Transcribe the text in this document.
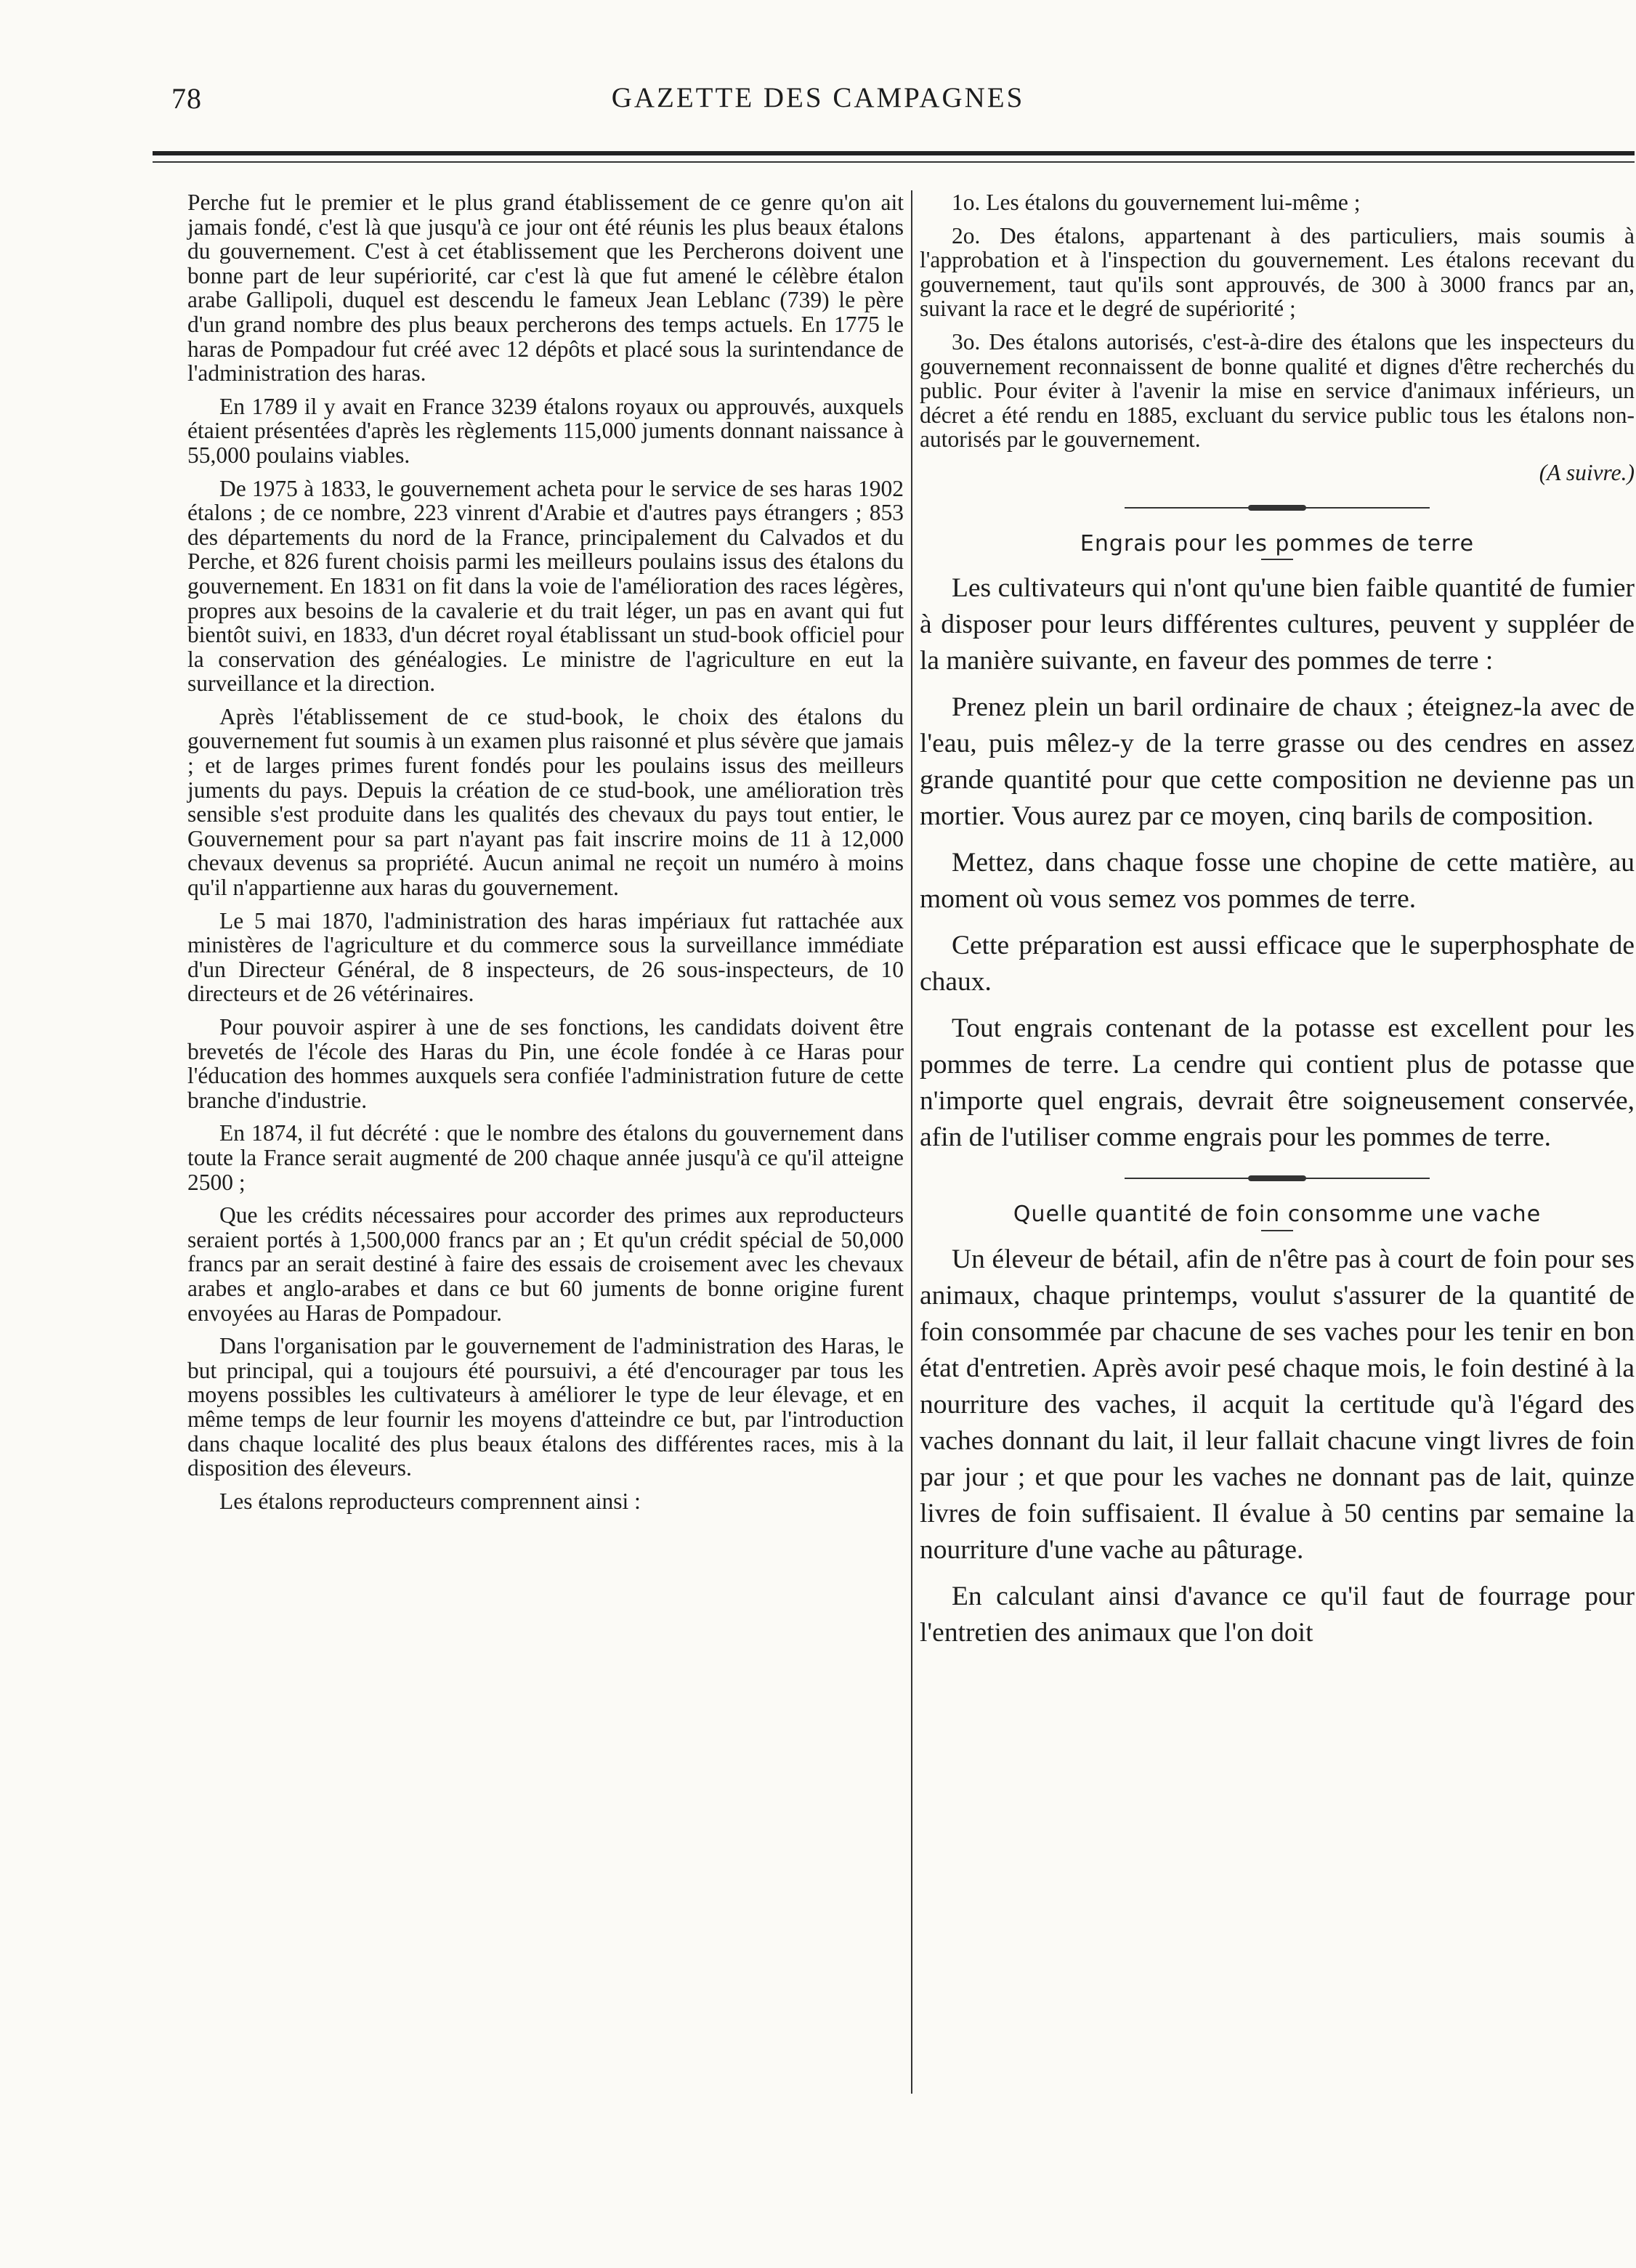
78	GAZETTE DES CAMPAGNES

Perche fut le premier et le plus grand établissement de ce genre qu'on ait jamais fondé, c'est là que jusqu'à ce jour ont été réunis les plus beaux étalons du gouvernement. C'est à cet établissement que les Percherons doivent une bonne part de leur supériorité, car c'est là que fut amené le célèbre étalon arabe Gallipoli, duquel est descendu le fameux Jean Leblanc (739) le père d'un grand nombre des plus beaux percherons des temps actuels. En 1775 le haras de Pompadour fut créé avec 12 dépôts et placé sous la surintendance de l'administration des haras.

En 1789 il y avait en France 3239 étalons royaux ou approuvés, auxquels étaient présentées d'après les règlements 115,000 juments donnant naissance à 55,000 poulains viables.

De 1975 à 1833, le gouvernement acheta pour le service de ses haras 1902 étalons ; de ce nombre, 223 vinrent d'Arabie et d'autres pays étrangers ; 853 des départements du nord de la France, principalement du Calvados et du Perche, et 826 furent choisis parmi les meilleurs poulains issus des étalons du gouvernement. En 1831 on fit dans la voie de l'amélioration des races légères, propres aux besoins de la cavalerie et du trait léger, un pas en avant qui fut bientôt suivi, en 1833, d'un décret royal établissant un stud-book officiel pour la conservation des généalogies. Le ministre de l'agriculture en eut la surveillance et la direction.

Après l'établissement de ce stud-book, le choix des étalons du gouvernement fut soumis à un examen plus raisonné et plus sévère que jamais ; et de larges primes furent fondés pour les poulains issus des meilleurs juments du pays. Depuis la création de ce stud-book, une amélioration très sensible s'est produite dans les qualités des chevaux du pays tout entier, le Gouvernement pour sa part n'ayant pas fait inscrire moins de 11 à 12,000 chevaux devenus sa propriété. Aucun animal ne reçoit un numéro à moins qu'il n'appartienne aux haras du gouvernement.

Le 5 mai 1870, l'administration des haras impériaux fut rattachée aux ministères de l'agriculture et du commerce sous la surveillance immédiate d'un Directeur Général, de 8 inspecteurs, de 26 sous-inspecteurs, de 10 directeurs et de 26 vétérinaires.

Pour pouvoir aspirer à une de ses fonctions, les candidats doivent être brevetés de l'école des Haras du Pin, une école fondée à ce Haras pour l'éducation des hommes auxquels sera confiée l'administration future de cette branche d'industrie.

En 1874, il fut décrété : que le nombre des étalons du gouvernement dans toute la France serait augmenté de 200 chaque année jusqu'à ce qu'il atteigne 2500 ;

Que les crédits nécessaires pour accorder des primes aux reproducteurs seraient portés à 1,500,000 francs par an ; Et qu'un crédit spécial de 50,000 francs par an serait destiné à faire des essais de croisement avec les chevaux arabes et anglo-arabes et dans ce but 60 juments de bonne origine furent envoyées au Haras de Pompadour.

Dans l'organisation par le gouvernement de l'administration des Haras, le but principal, qui a toujours été poursuivi, a été d'encourager par tous les moyens possibles les cultivateurs à améliorer le type de leur élevage, et en même temps de leur fournir les moyens d'atteindre ce but, par l'introduction dans chaque localité des plus beaux étalons des différentes races, mis à la disposition des éleveurs.

Les étalons reproducteurs comprennent ainsi :

1o. Les étalons du gouvernement lui-même ;

2o. Des étalons, appartenant à des particuliers, mais soumis à l'approbation et à l'inspection du gouvernement. Les étalons recevant du gouvernement, taut qu'ils sont approuvés, de 300 à 3000 francs par an, suivant la race et le degré de supériorité ;

3o. Des étalons autorisés, c'est-à-dire des étalons que les inspecteurs du gouvernement reconnaissent de bonne qualité et dignes d'être recherchés du public. Pour éviter à l'avenir la mise en service d'animaux inférieurs, un décret a été rendu en 1885, excluant du service public tous les étalons non-autorisés par le gouvernement.

(A suivre.)

Engrais pour les pommes de terre

Les cultivateurs qui n'ont qu'une bien faible quantité de fumier à disposer pour leurs différentes cultures, peuvent y suppléer de la manière suivante, en faveur des pommes de terre :

Prenez plein un baril ordinaire de chaux ; éteignez-la avec de l'eau, puis mêlez-y de la terre grasse ou des cendres en assez grande quantité pour que cette composition ne devienne pas un mortier. Vous aurez par ce moyen, cinq barils de composition.

Mettez, dans chaque fosse une chopine de cette matière, au moment où vous semez vos pommes de terre.

Cette préparation est aussi efficace que le superphosphate de chaux.

Tout engrais contenant de la potasse est excellent pour les pommes de terre. La cendre qui contient plus de potasse que n'importe quel engrais, devrait être soigneusement conservée, afin de l'utiliser comme engrais pour les pommes de terre.

Quelle quantité de foin consomme une vache

Un éleveur de bétail, afin de n'être pas à court de foin pour ses animaux, chaque printemps, voulut s'assurer de la quantité de foin consommée par chacune de ses vaches pour les tenir en bon état d'entretien. Après avoir pesé chaque mois, le foin destiné à la nourriture des vaches, il acquit la certitude qu'à l'égard des vaches donnant du lait, il leur fallait chacune vingt livres de foin par jour ; et que pour les vaches ne donnant pas de lait, quinze livres de foin suffisaient. Il évalue à 50 centins par semaine la nourriture d'une vache au pâturage.

En calculant ainsi d'avance ce qu'il faut de fourrage pour l'entretien des animaux que l'on doit
